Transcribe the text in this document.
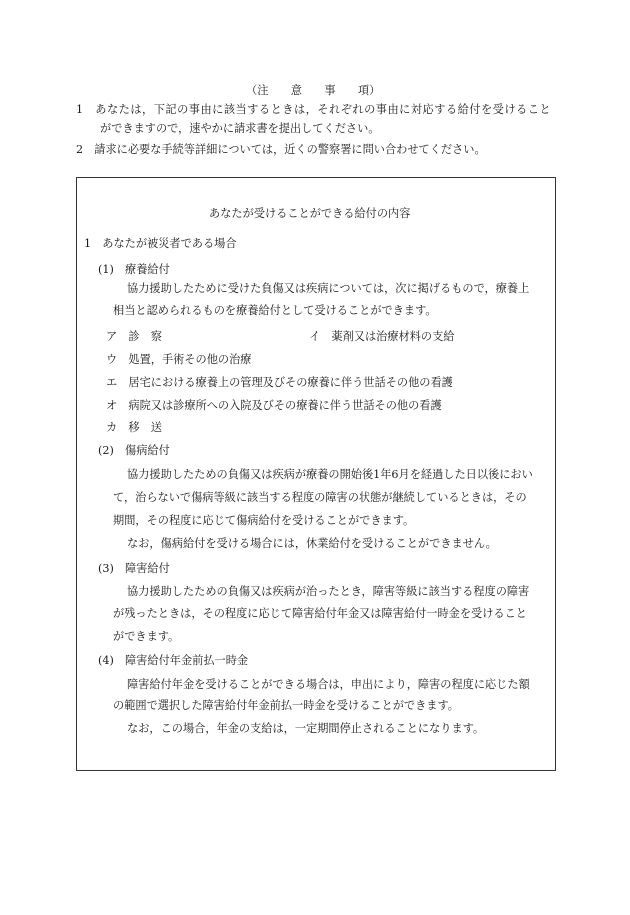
（注　　意　　事　　項）
1　あなたは，下記の事由に該当するときは，それぞれの事由に対応する給付を受けること
ができますので，速やかに請求書を提出してください。
2　請求に必要な手続等詳細については，近くの警察署に問い合わせてください。
あなたが受けることができる給付の内容
1　あなたが被災者である場合
(1)　療養給付
協力援助したために受けた負傷又は疾病については，次に掲げるもので，療養上
相当と認められるものを療養給付として受けることができます。
ア　診　察	イ　薬剤又は治療材料の支給
ウ　処置，手術その他の治療
エ　居宅における療養上の管理及びその療養に伴う世話その他の看護
オ　病院又は診療所への入院及びその療養に伴う世話その他の看護
カ　移　送
(2)　傷病給付
協力援助したための負傷又は疾病が療養の開始後1年6月を経過した日以後におい
て，治らないで傷病等級に該当する程度の障害の状態が継続しているときは，その
期間，その程度に応じて傷病給付を受けることができます。
なお，傷病給付を受ける場合には，休業給付を受けることができません。
(3)　障害給付
協力援助したための負傷又は疾病が治ったとき，障害等級に該当する程度の障害
が残ったときは，その程度に応じて障害給付年金又は障害給付一時金を受けること
ができます。
(4)　障害給付年金前払一時金
障害給付年金を受けることができる場合は，申出により，障害の程度に応じた額
の範囲で選択した障害給付年金前払一時金を受けることができます。
なお，この場合，年金の支給は，一定期間停止されることになります。
